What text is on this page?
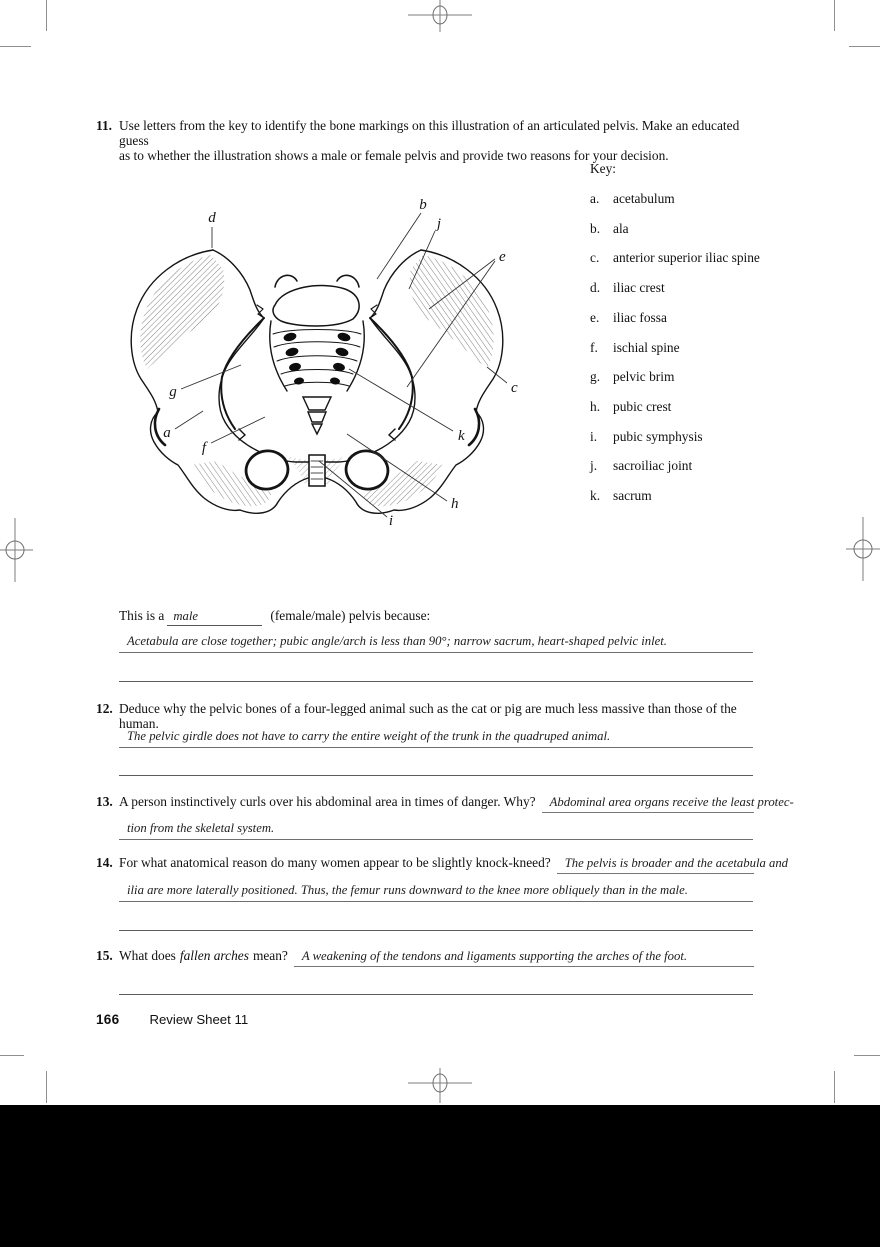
11. Use letters from the key to identify the bone markings on this illustration of an articulated pelvis. Make an educated guess
as to whether the illustration shows a male or female pelvis and provide two reasons for your decision.
d
b
j
e
c
g
a
f
k
h
i
Key:
a.	acetabulum
b. ala
c.	anterior superior iliac spine
d. iliac crest
e.	iliac fossa
f.	ischial spine
g. pelvic brim
h. pubic crest
i.	pubic symphysis
j.	sacroiliac joint
k. sacrum
This is a male	(female/male) pelvis because:
Acetabula are close together; pubic angle/arch is less than 90°; narrow sacrum, heart-shaped pelvic inlet.
12. Deduce why the pelvic bones of a four-legged animal such as the cat or pig are much less massive than those of the human.
The pelvic girdle does not have to carry the entire weight of the trunk in the quadruped animal.
13. A person instinctively curls over his abdominal area in times of danger. Why?	Abdominal area organs receive the least protec-
tion from the skeletal system.
14. For what anatomical reason do many women appear to be slightly knock-kneed?	The pelvis is broader and the acetabula and
ilia are more laterally positioned. Thus, the femur runs downward to the knee more obliquely than in the male.
15. What does fallen arches mean?	A weakening of the tendons and ligaments supporting the arches of the foot.
166 Review Sheet 11
